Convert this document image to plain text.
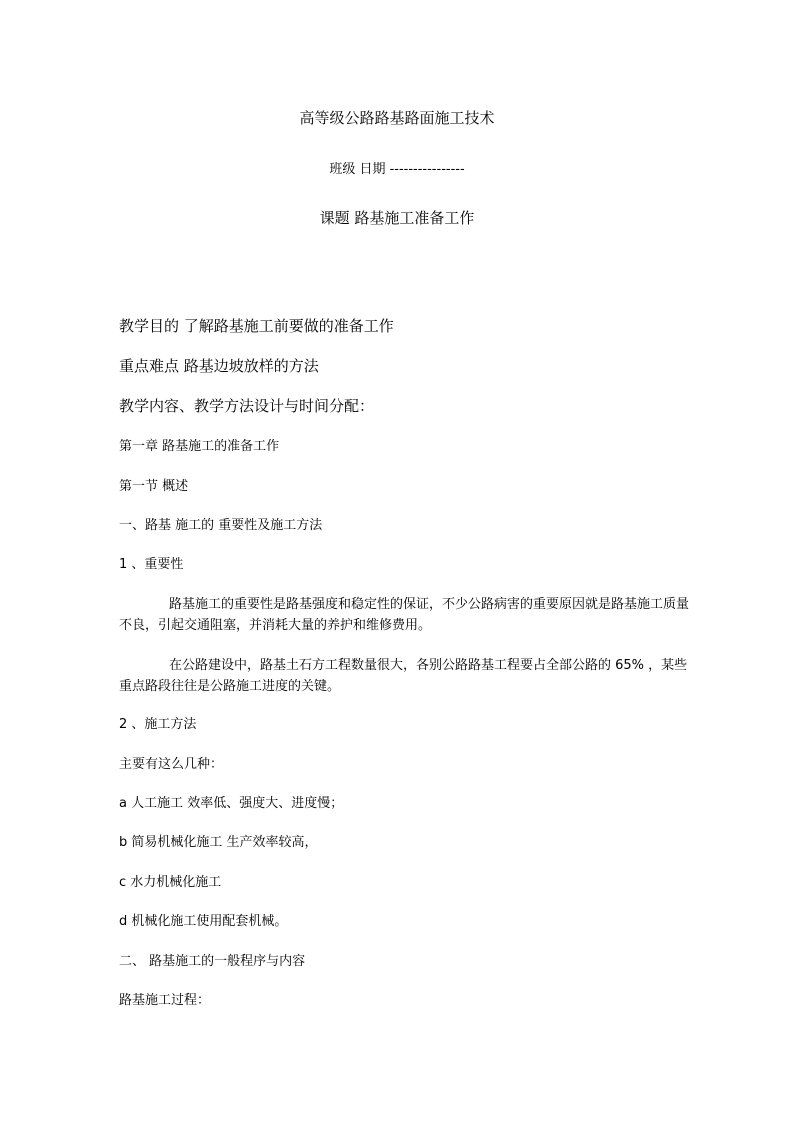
高等级公路路基路面施工技术
班级 日期 ----------------
课题 路基施工准备工作
教学目的 了解路基施工前要做的准备工作
重点难点 路基边坡放样的方法
教学内容、教学方法设计与时间分配：
第一章 路基施工的准备工作
第一节 概述
一、路基 施工的 重要性及施工方法
1 、重要性
路基施工的重要性是路基强度和稳定性的保证，不少公路病害的重要原因就是路基施工质量不良，引起交通阻塞，并消耗大量的养护和维修费用。
在公路建设中，路基土石方工程数量很大，各别公路路基工程要占全部公路的 65% ，某些重点路段往往是公路施工进度的关键。
2 、施工方法
主要有这么几种：
a 人工施工 效率低、强度大、进度慢；
b 简易机械化施工 生产效率较高，
c 水力机械化施工
d 机械化施工使用配套机械。
二、 路基施工的一般程序与内容
路基施工过程：
